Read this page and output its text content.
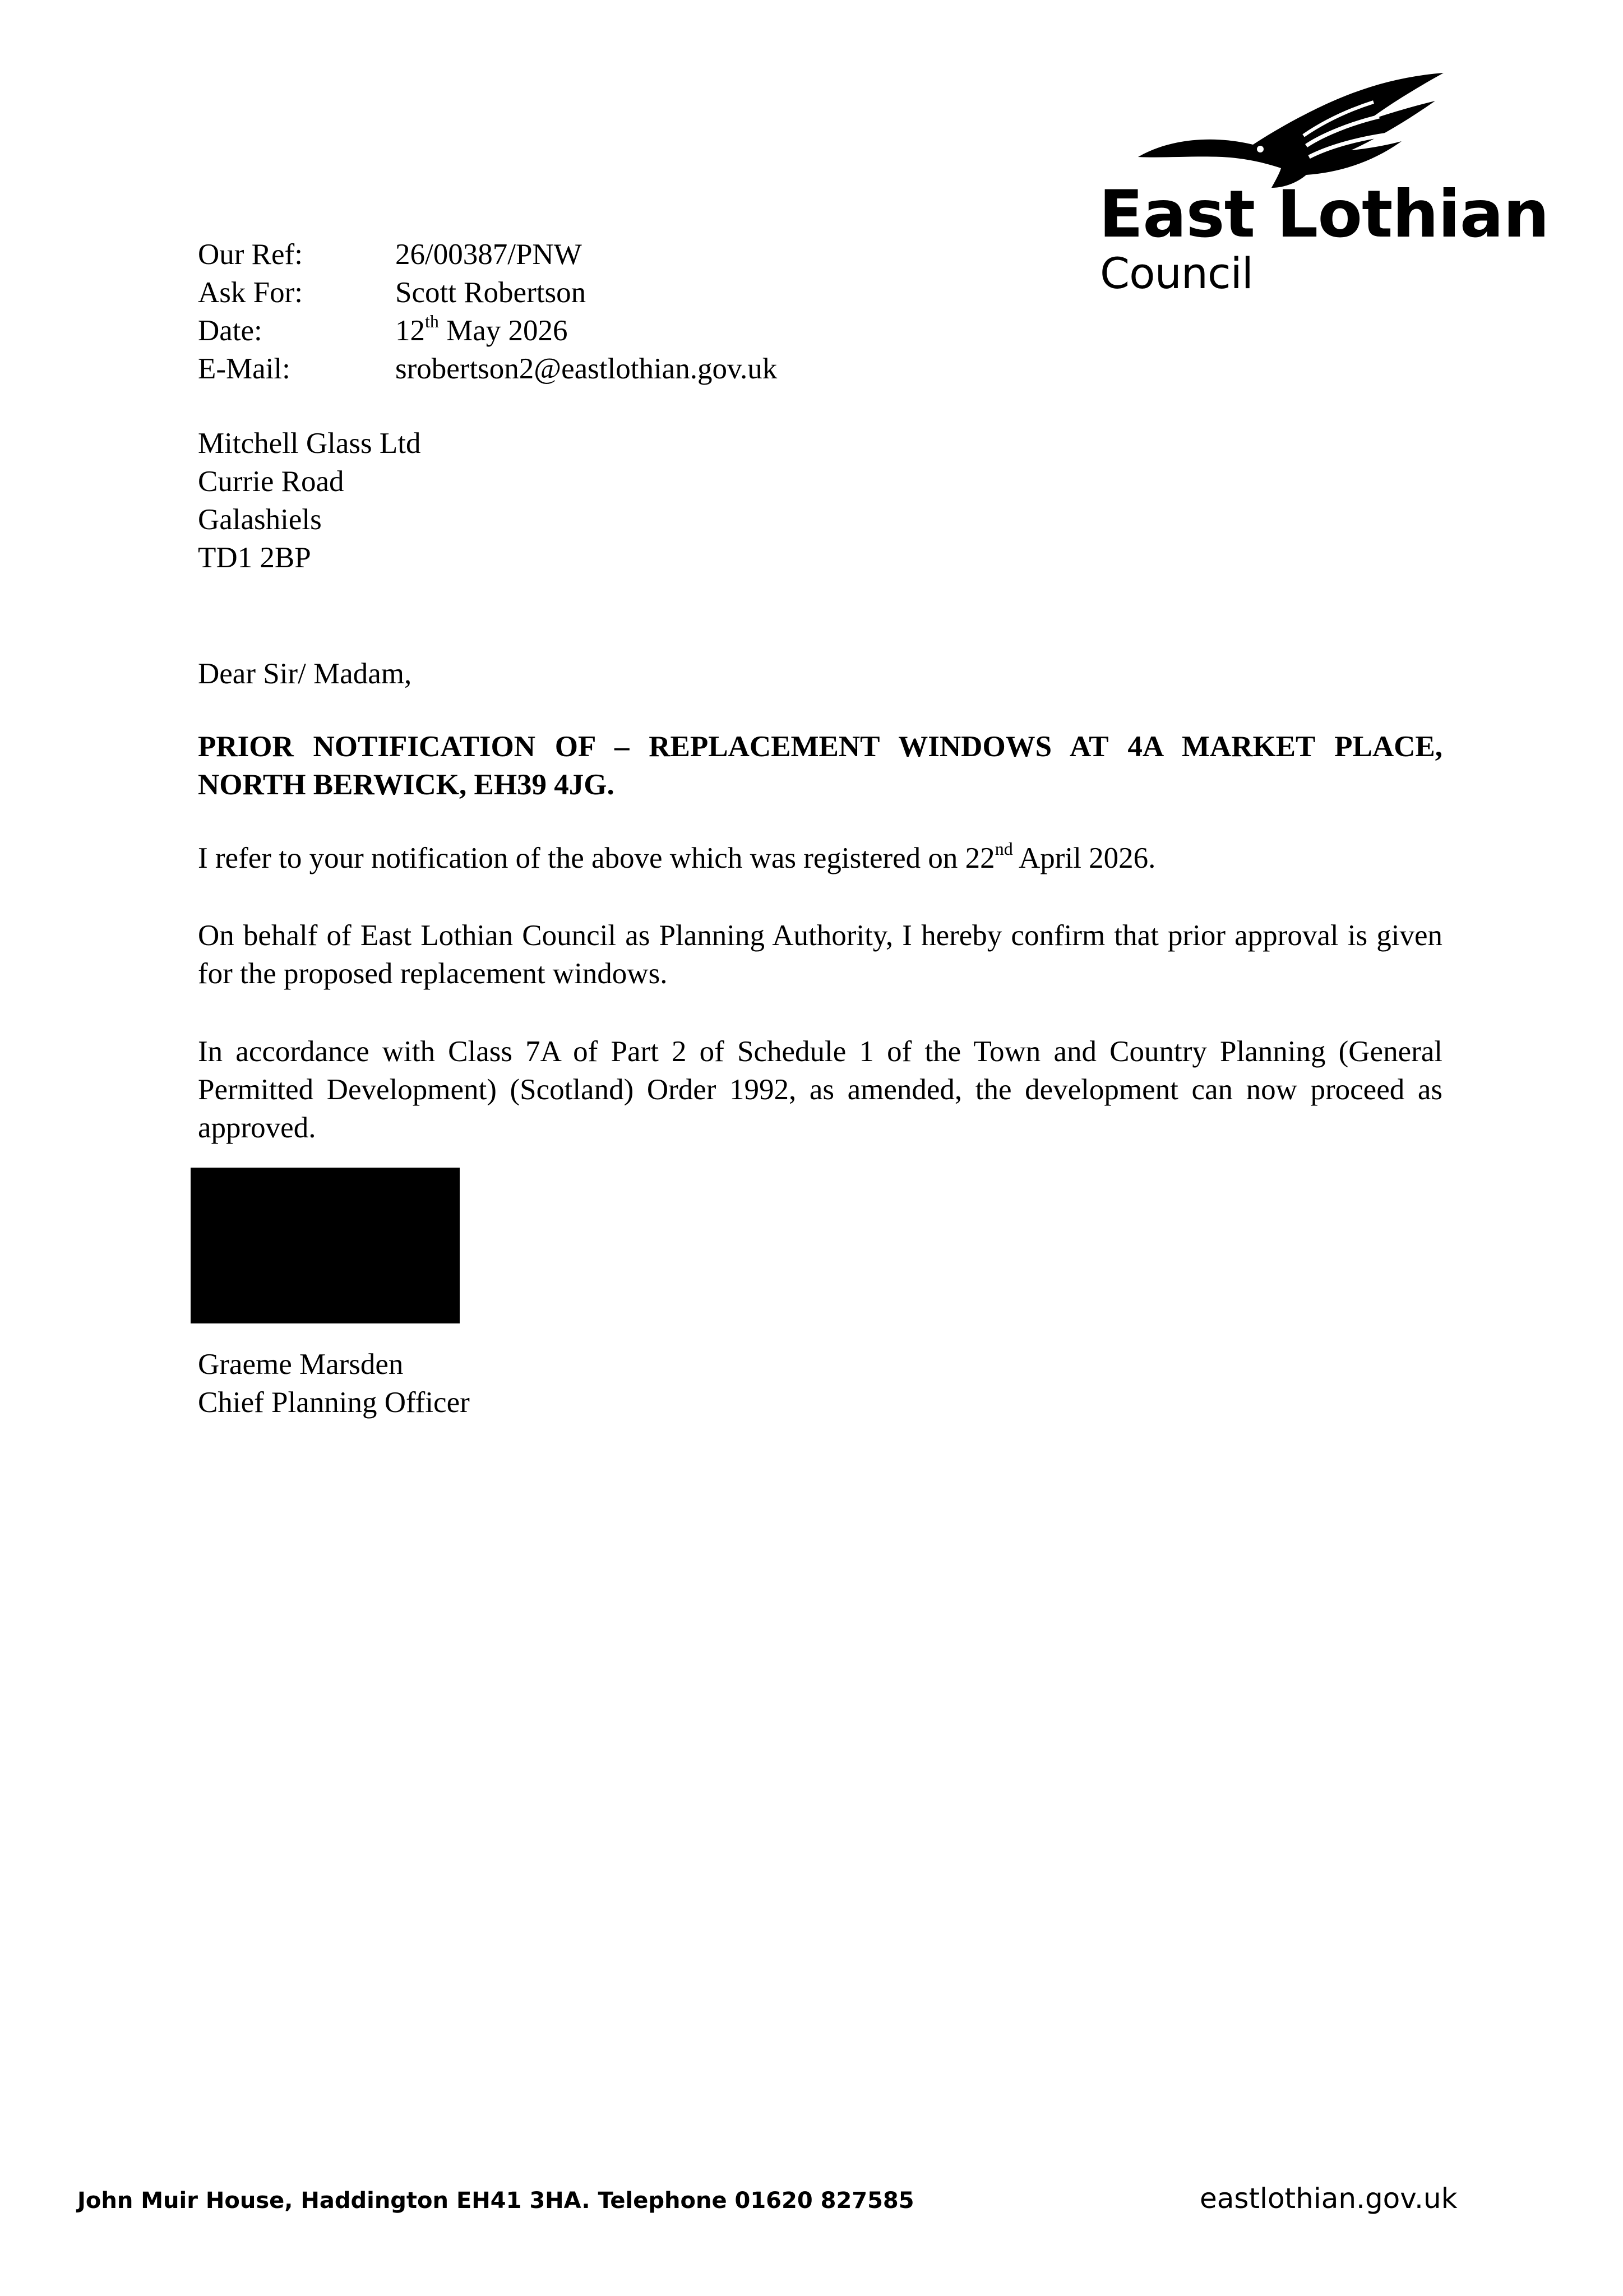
East Lothian
Council
Our Ref:	26/00387/PNW
Ask For:	Scott Robertson
Date:	12th May 2026
E-Mail:	srobertson2@eastlothian.gov.uk
Mitchell Glass Ltd
Currie Road
Galashiels
TD1 2BP
Dear Sir/ Madam,
PRIOR NOTIFICATION OF – REPLACEMENT WINDOWS AT 4A MARKET PLACE, NORTH BERWICK, EH39 4JG.
I refer to your notification of the above which was registered on 22nd April 2026.
On behalf of East Lothian Council as Planning Authority, I hereby confirm that prior approval is given for the proposed replacement windows.
In accordance with Class 7A of Part 2 of Schedule 1 of the Town and Country Planning (General Permitted Development) (Scotland) Order 1992, as amended, the development can now proceed as approved.
Graeme Marsden
Chief Planning Officer
John Muir House, Haddington EH41 3HA. Telephone 01620 827585	eastlothian.gov.uk
